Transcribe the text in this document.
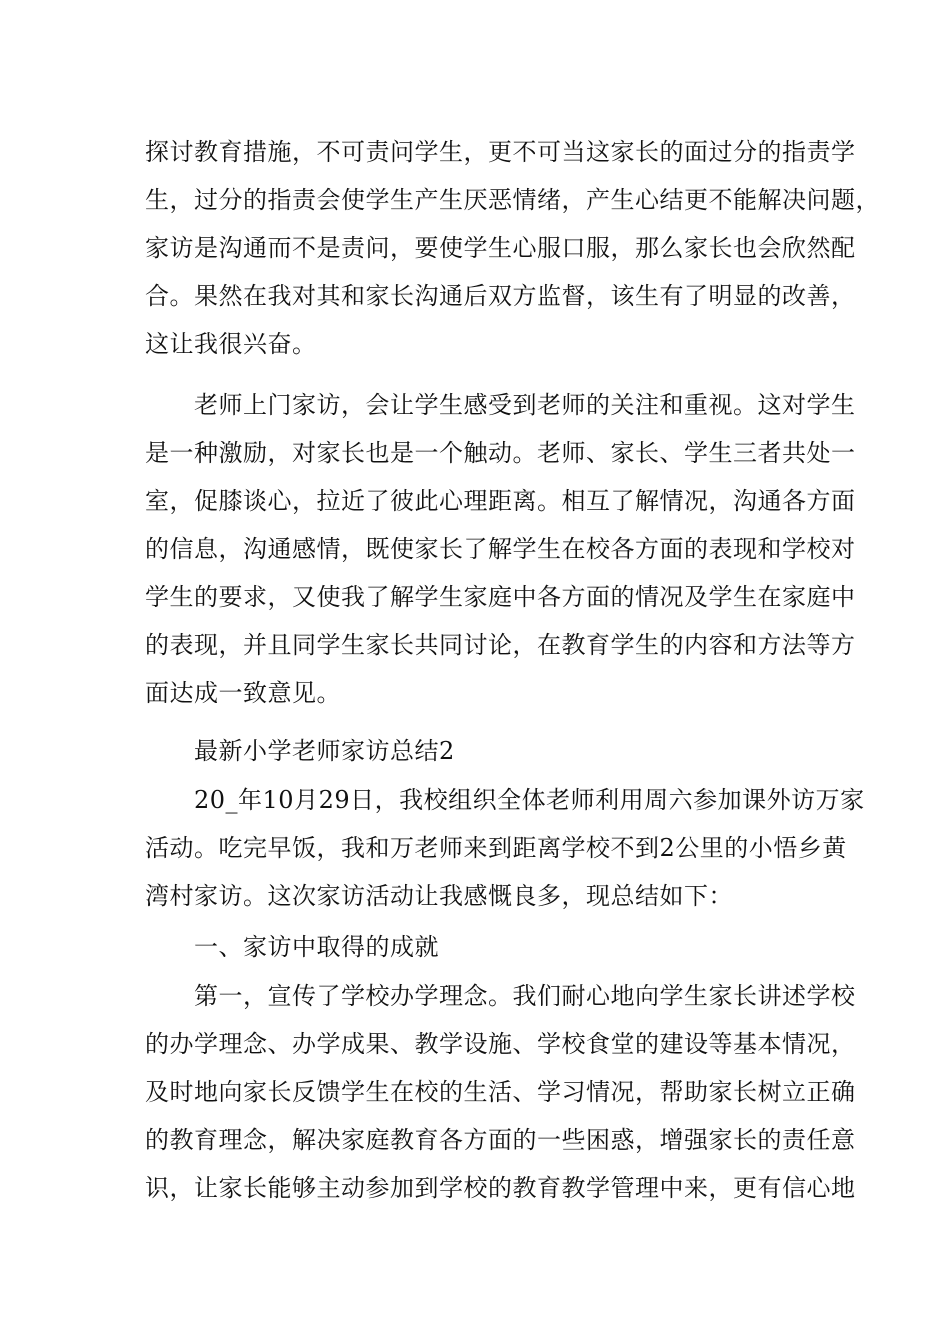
探讨教育措施，不可责问学生，更不可当这家长的面过分的指责学
生，过分的指责会使学生产生厌恶情绪，产生心结更不能解决问题，
家访是沟通而不是责问，要使学生心服口服，那么家长也会欣然配
合。果然在我对其和家长沟通后双方监督，该生有了明显的改善，
这让我很兴奋。
　　老师上门家访，会让学生感受到老师的关注和重视。这对学生
是一种激励，对家长也是一个触动。老师、家长、学生三者共处一
室，促膝谈心，拉近了彼此心理距离。相互了解情况，沟通各方面
的信息，沟通感情，既使家长了解学生在校各方面的表现和学校对
学生的要求，又使我了解学生家庭中各方面的情况及学生在家庭中
的表现，并且同学生家长共同讨论，在教育学生的内容和方法等方
面达成一致意见。
　　最新小学老师家访总结2
　　20_年10月29日，我校组织全体老师利用周六参加课外访万家
活动。吃完早饭，我和万老师来到距离学校不到2公里的小悟乡黄
湾村家访。这次家访活动让我感慨良多，现总结如下：
　　一、家访中取得的成就
　　第一，宣传了学校办学理念。我们耐心地向学生家长讲述学校
的办学理念、办学成果、教学设施、学校食堂的建设等基本情况，
及时地向家长反馈学生在校的生活、学习情况，帮助家长树立正确
的教育理念，解决家庭教育各方面的一些困惑，增强家长的责任意
识，让家长能够主动参加到学校的教育教学管理中来，更有信心地
